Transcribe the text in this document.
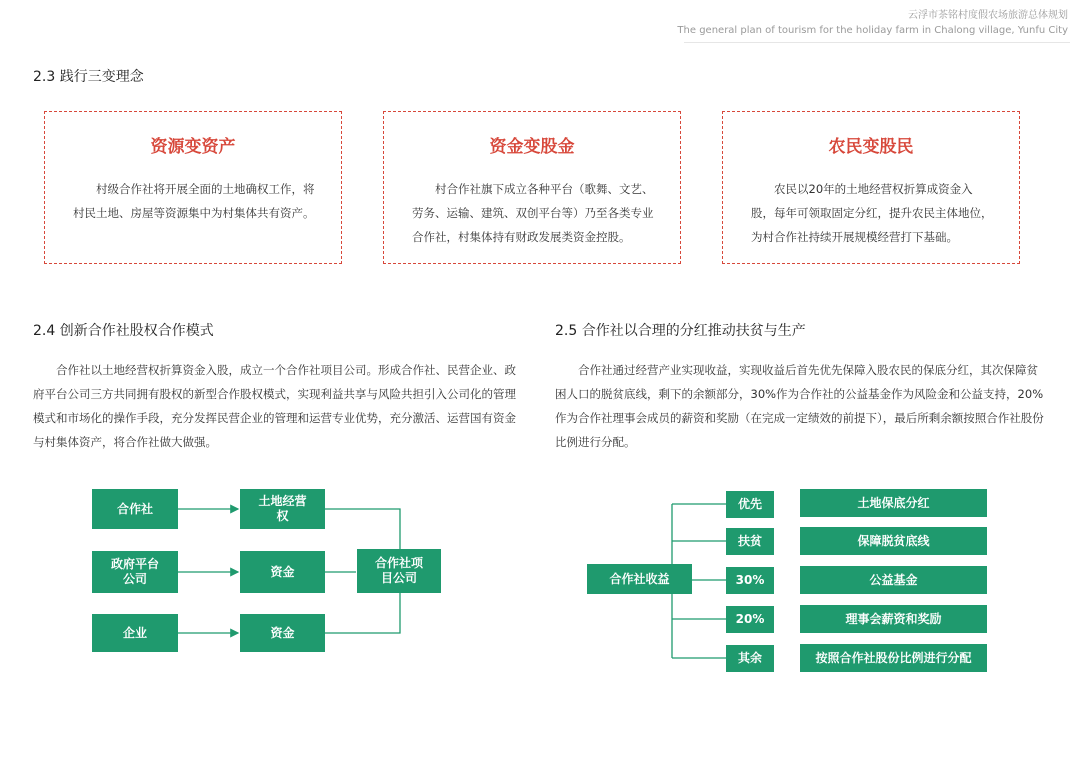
云浮市茶铭村度假农场旅游总体规划
The general plan of tourism for the holiday farm in Chalong village, Yunfu City
2.3 践行三变理念
资源变资产
村级合作社将开展全面的土地确权工作，将村民土地、房屋等资源集中为村集体共有资产。
资金变股金
村合作社旗下成立各种平台（歌舞、文艺、劳务、运输、建筑、双创平台等）乃至各类专业合作社，村集体持有财政发展类资金控股。
农民变股民
农民以20年的土地经营权折算成资金入股，每年可领取固定分红，提升农民主体地位，为村合作社持续开展规模经营打下基础。
2.4 创新合作社股权合作模式
合作社以土地经营权折算资金入股，成立一个合作社项目公司。形成合作社、民营企业、政府平台公司三方共同拥有股权的新型合作股权模式，实现利益共享与风险共担引入公司化的管理模式和市场化的操作手段，充分发挥民营企业的管理和运营专业优势，充分激活、运营国有资金与村集体资产，将合作社做大做强。
2.5 合作社以合理的分红推动扶贫与生产
合作社通过经营产业实现收益，实现收益后首先优先保障入股农民的保底分红，其次保障贫困人口的脱贫底线，剩下的余额部分，30%作为合作社的公益基金作为风险金和公益支持，20%作为合作社理事会成员的薪资和奖励（在完成一定绩效的前提下），最后所剩余额按照合作社股份比例进行分配。
合作社
政府平台公司
企业
土地经营权
资金
资金
合作社项目公司	合作社收益
优先
扶贫
30%
20%
其余
土地保底分红
保障脱贫底线
公益基金
理事会薪资和奖励
按照合作社股份比例进行分配
